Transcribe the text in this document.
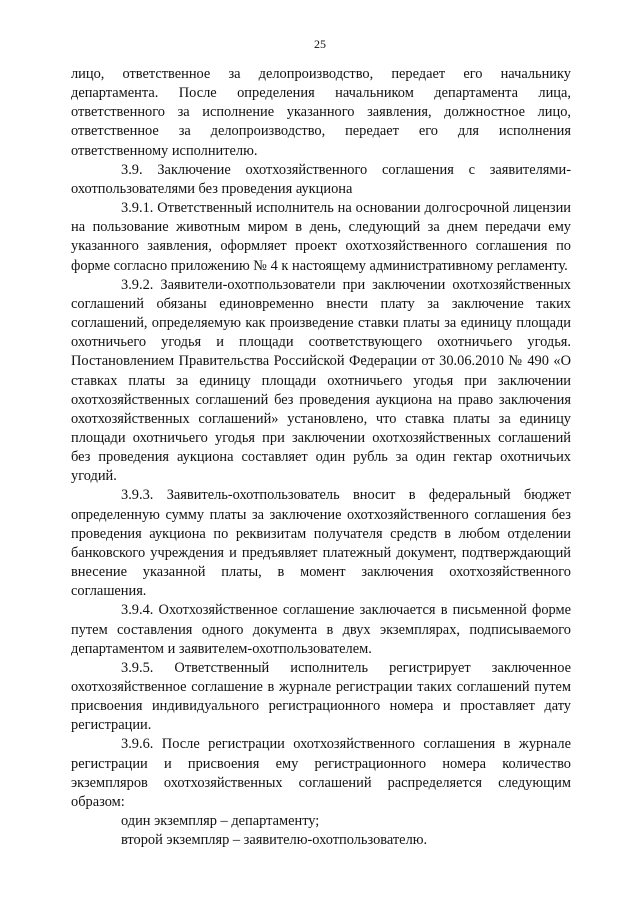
25

лицо, ответственное за делопроизводство, передает его начальнику департамента. После определения начальником департамента лица, ответственного за исполнение указанного заявления, должностное лицо, ответственное за делопроизводство, передает его для исполнения ответственному исполнителю.

3.9. Заключение охотхозяйственного соглашения с заявителями-охотпользователями без проведения аукциона

3.9.1. Ответственный исполнитель на основании долгосрочной лицензии на пользование животным миром в день, следующий за днем передачи ему указанного заявления, оформляет проект охотхозяйственного соглашения по форме согласно приложению № 4 к настоящему административному регламенту.

3.9.2. Заявители-охотпользователи при заключении охотхозяйственных соглашений обязаны единовременно внести плату за заключение таких соглашений, определяемую как произведение ставки платы за единицу площади охотничьего угодья и площади соответствующего охотничьего угодья. Постановлением Правительства Российской Федерации от 30.06.2010 № 490 «О ставках платы за единицу площади охотничьего угодья при заключении охотхозяйственных соглашений без проведения аукциона на право заключения охотхозяйственных соглашений» установлено, что ставка платы за единицу площади охотничьего угодья при заключении охотхозяйственных соглашений без проведения аукциона составляет один рубль за один гектар охотничьих угодий.

3.9.3. Заявитель-охотпользователь вносит в федеральный бюджет определенную сумму платы за заключение охотхозяйственного соглашения без проведения аукциона по реквизитам получателя средств в любом отделении банковского учреждения и предъявляет платежный документ, подтверждающий внесение указанной платы, в момент заключения охотхозяйственного соглашения.

3.9.4. Охотхозяйственное соглашение заключается в письменной форме путем составления одного документа в двух экземплярах, подписываемого департаментом и заявителем-охотпользователем.

3.9.5. Ответственный исполнитель регистрирует заключенное охотхозяйственное соглашение в журнале регистрации таких соглашений путем присвоения индивидуального регистрационного номера и проставляет дату регистрации.

3.9.6. После регистрации охотхозяйственного соглашения в журнале регистрации и присвоения ему регистрационного номера количество экземпляров охотхозяйственных соглашений распределяется следующим образом:

один экземпляр – департаменту;

второй экземпляр – заявителю-охотпользователю.
